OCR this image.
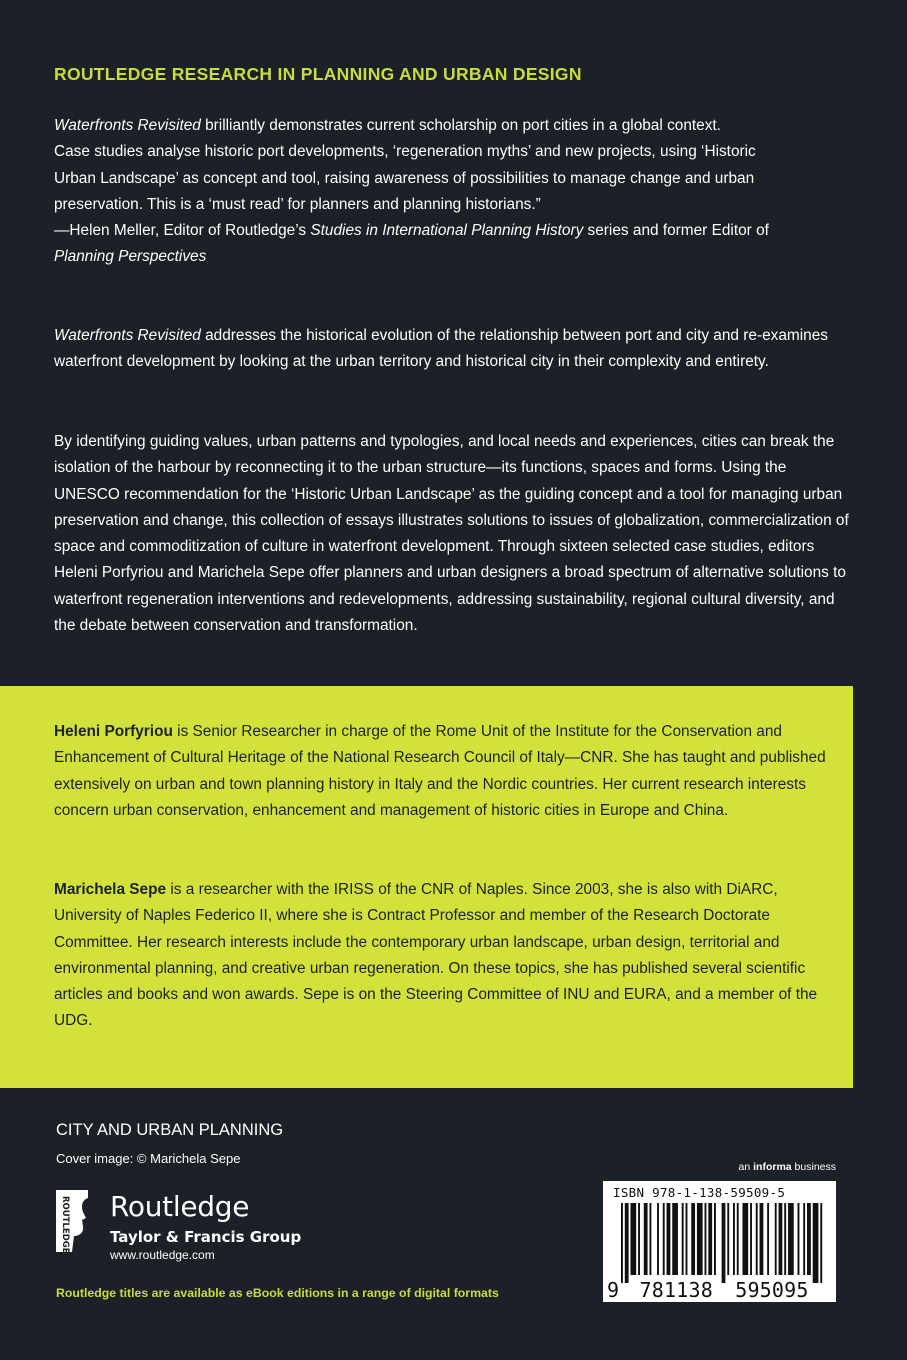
ROUTLEDGE RESEARCH IN PLANNING AND URBAN DESIGN
Waterfronts Revisited brilliantly demonstrates current scholarship on port cities in a global context.
Case studies analyse historic port developments, ‘regeneration myths’ and new projects, using ‘Historic
Urban Landscape’ as concept and tool, raising awareness of possibilities to manage change and urban
preservation. This is a ‘must read’ for planners and planning historians.”
—Helen Meller, Editor of Routledge’s Studies in International Planning History series and former Editor of
Planning Perspectives
Waterfronts Revisited addresses the historical evolution of the relationship between port and city and re-examines waterfront development by looking at the urban territory and historical city in their complexity and entirety.
By identifying guiding values, urban patterns and typologies, and local needs and experiences, cities can break the isolation of the harbour by reconnecting it to the urban structure—its functions, spaces and forms. Using the UNESCO recommendation for the ‘Historic Urban Landscape’ as the guiding concept and a tool for managing urban preservation and change, this collection of essays illustrates solutions to issues of globalization, commercialization of space and commoditization of culture in waterfront development. Through sixteen selected case studies, editors Heleni Porfyriou and Marichela Sepe offer planners and urban designers a broad spectrum of alternative solutions to waterfront regeneration interventions and redevelopments, addressing sustainability, regional cultural diversity, and the debate between conservation and transformation.
Heleni Porfyriou is Senior Researcher in charge of the Rome Unit of the Institute for the Conservation and Enhancement of Cultural Heritage of the National Research Council of Italy—CNR. She has taught and published extensively on urban and town planning history in Italy and the Nordic countries. Her current research interests concern urban conservation, enhancement and management of historic cities in Europe and China.
Marichela Sepe is a researcher with the IRISS of the CNR of Naples. Since 2003, she is also with DiARC, University of Naples Federico II, where she is Contract Professor and member of the Research Doctorate Committee. Her research interests include the contemporary urban landscape, urban design, territorial and environmental planning, and creative urban regeneration. On these topics, she has published several scientific articles and books and won awards. Sepe is on the Steering Committee of INU and EURA, and a member of the UDG.
CITY AND URBAN PLANNING
Cover image: © Marichela Sepe
ROUTLEDGE Routledge
Taylor & Francis Group
www.routledge.com
Routledge titles are available as eBook editions in a range of digital formats
an informa business
ISBN 978-1-138-59509-5
9 781138 595095
